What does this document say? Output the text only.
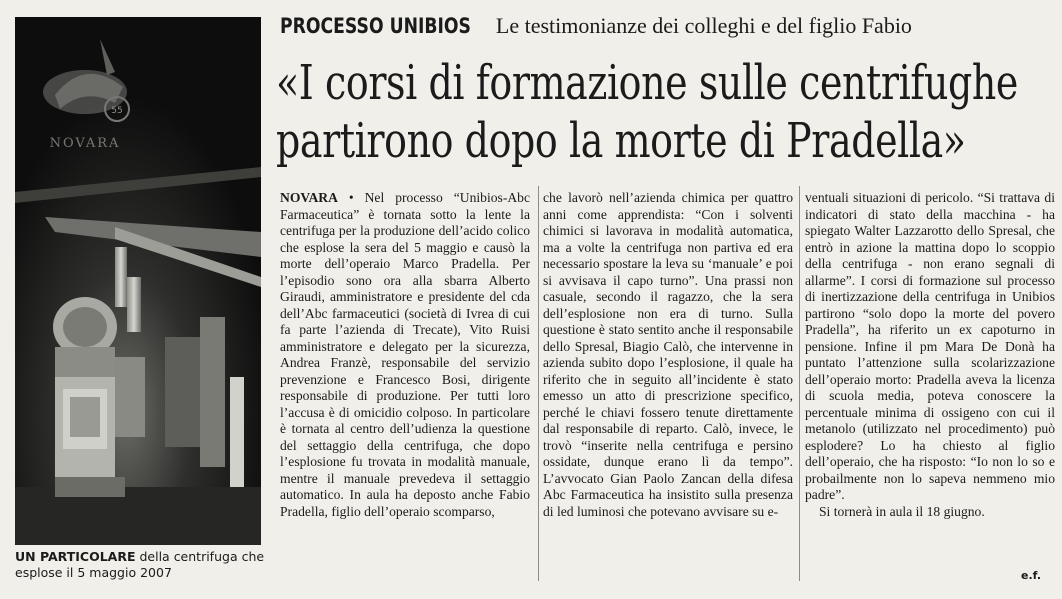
55
NOVARA
UN PARTICOLARE della centrifuga che esplose il 5 maggio 2007
PROCESSO UNIBIOS Le testimonianze dei colleghi e del figlio Fabio
«I corsi di formazione sulle centrifughe
partirono dopo la morte di Pradella»

NOVARA • Nel processo “Unibios-Abc Farmaceutica” è tornata sotto la lente la centrifuga per la produzione dell’acido colico che esplose la sera del 5 maggio e causò la morte dell’operaio Marco Pradella. Per l’episodio sono ora alla sbarra Alberto Giraudi, amministratore e presidente del cda dell’Abc farmaceutici (società di Ivrea di cui fa parte l’azienda di Trecate), Vito Ruisi amministratore e delegato per la sicurezza, Andrea Franzè, responsabile del servizio prevenzione e Francesco Bosi, dirigente responsabile di produzione. Per tutti loro l’accusa è di omicidio colposo. In particolare è tornata al centro dell’udienza la questione del settaggio della centrifuga, che dopo l’esplosione fu trovata in modalità manuale, mentre il manuale prevedeva il settaggio automatico. In aula ha deposto anche Fabio Pradella, figlio dell’operaio scomparso,

che lavorò nell’azienda chimica per quattro anni come apprendista: “Con i solventi chimici si lavorava in modalità automatica, ma a volte la centrifuga non partiva ed era necessario spostare la leva su ‘manuale’ e poi si avvisava il capo turno”. Una prassi non casuale, secondo il ragazzo, che la sera dell’esplosione non era di turno. Sulla questione è stato sentito anche il responsabile dello Spresal, Biagio Calò, che intervenne in azienda subito dopo l’esplosione, il quale ha riferito che in seguito all’incidente è stato emesso un atto di prescrizione specifico, perché le chiavi fossero tenute direttamente dal responsabile di reparto. Calò, invece, le trovò “inserite nella centrifuga e persino ossidate, dunque erano lì da tempo”. L’avvocato Gian Paolo Zancan della difesa Abc Farmaceutica ha insistito sulla presenza di led luminosi che potevano avvisare su e-

ventuali situazioni di pericolo. “Si trattava di indicatori di stato della macchina - ha spiegato Walter Lazzarotto dello Spresal, che entrò in azione la mattina dopo lo scoppio della centrifuga - non erano segnali di allarme”. I corsi di formazione sul processo di inertizzazione della centrifuga in Unibios partirono “solo dopo la morte del povero Pradella”, ha riferito un ex capoturno in pensione. Infine il pm Mara De Donà ha puntato l’attenzione sulla scolarizzazione dell’operaio morto: Pradella aveva la licenza di scuola media, poteva conoscere la percentuale minima di ossigeno con cui il metanolo (utilizzato nel procedimento) può esplodere? Lo ha chiesto al figlio dell’operaio, che ha risposto: “Io non lo so e probailmente non lo sapeva nemmeno mio padre”.

Si tornerà in aula il 18 giugno.

e.f.
